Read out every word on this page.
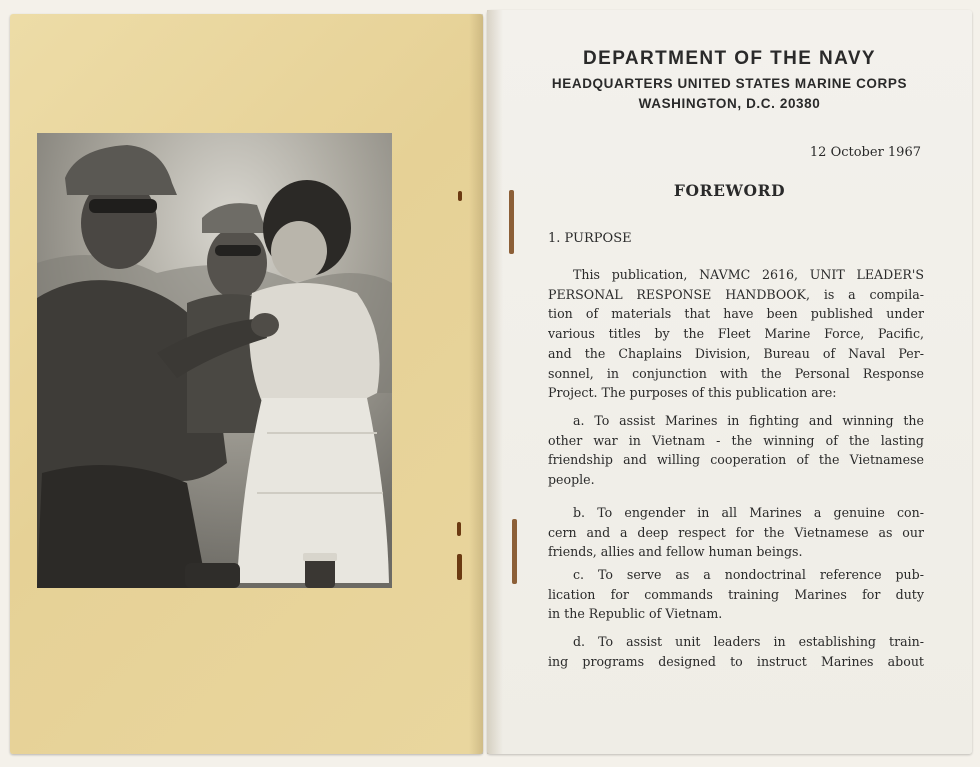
DEPARTMENT OF THE NAVY
HEADQUARTERS UNITED STATES MARINE CORPS
WASHINGTON, D.C. 20380
12 October 1967
FOREWORD
1. PURPOSE
This publication, NAVMC 2616, UNIT LEADER'S
PERSONAL RESPONSE HANDBOOK, is a compila-
tion of materials that have been published under
various titles by the Fleet Marine Force, Pacific,
and the Chaplains Division, Bureau of Naval Per-
sonnel, in conjunction with the Personal Response
Project. The purposes of this publication are:
a. To assist Marines in fighting and winning the
other war in Vietnam - the winning of the lasting
friendship and willing cooperation of the Vietnamese
people.
b. To engender in all Marines a genuine con-
cern and a deep respect for the Vietnamese as our
friends, allies and fellow human beings.
c. To serve as a nondoctrinal reference pub-
lication for commands training Marines for duty
in the Republic of Vietnam.
d. To assist unit leaders in establishing train-
ing programs designed to instruct Marines about
